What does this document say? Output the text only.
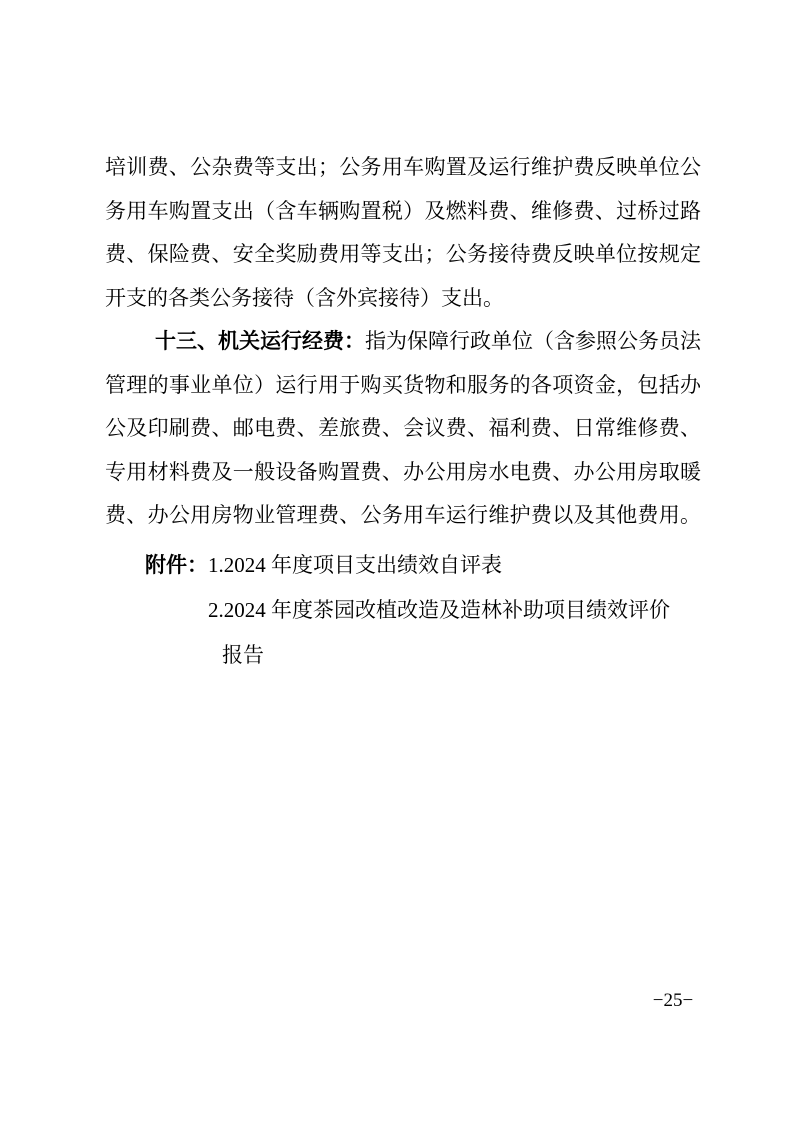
培训费、公杂费等支出；公务用车购置及运行维护费反映单位公
务用车购置支出（含车辆购置税）及燃料费、维修费、过桥过路
费、保险费、安全奖励费用等支出；公务接待费反映单位按规定
开支的各类公务接待（含外宾接待）支出。
十三、机关运行经费：指为保障行政单位（含参照公务员法
管理的事业单位）运行用于购买货物和服务的各项资金，包括办
公及印刷费、邮电费、差旅费、会议费、福利费、日常维修费、
专用材料费及一般设备购置费、办公用房水电费、办公用房取暖
费、办公用房物业管理费、公务用车运行维护费以及其他费用。
附件：1.2024 年度项目支出绩效自评表
2.2024 年度茶园改植改造及造林补助项目绩效评价
报告
−25−
